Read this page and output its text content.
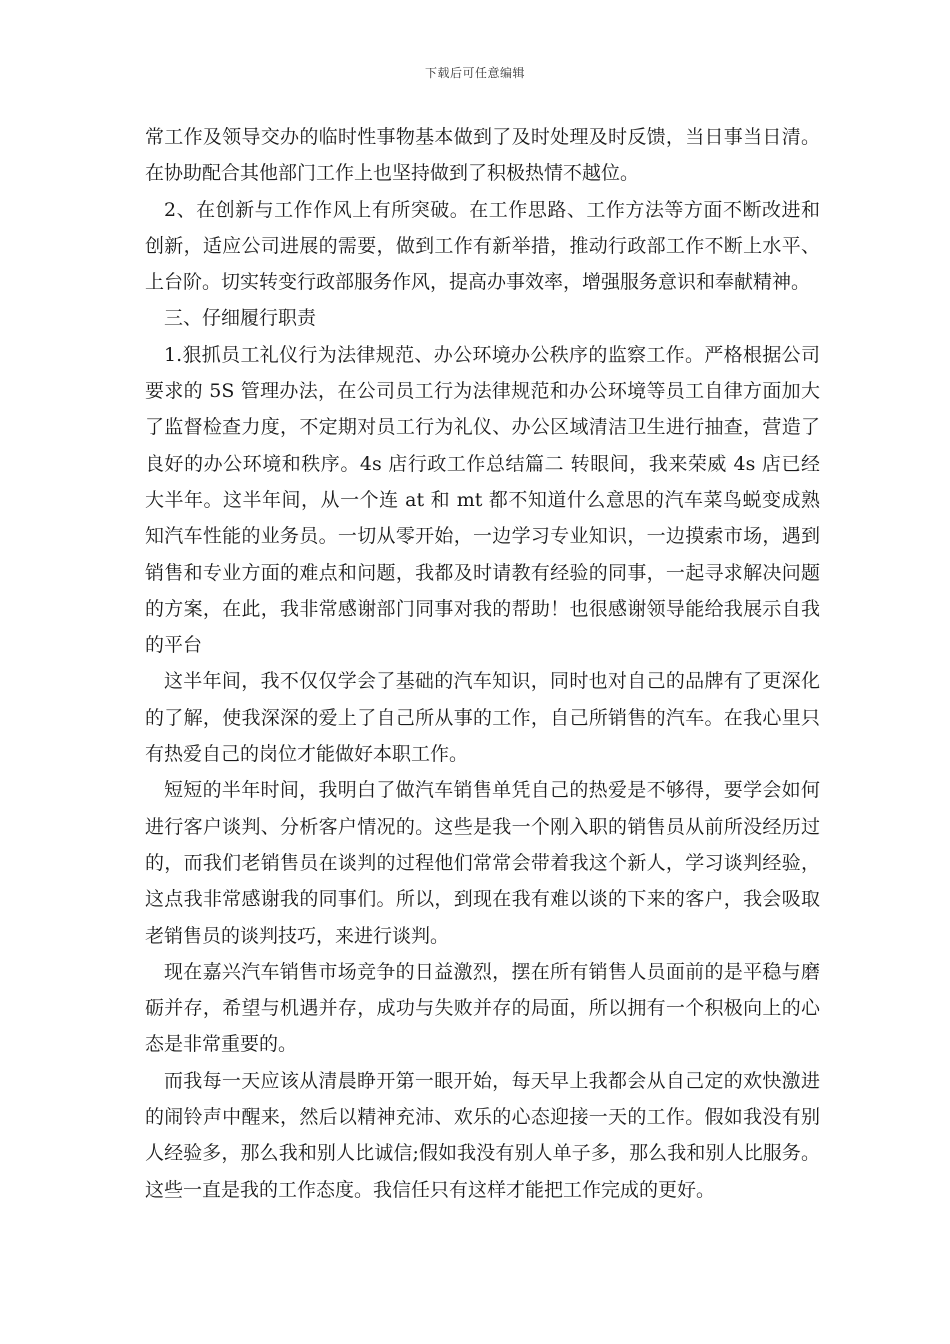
下载后可任意编辑

常工作及领导交办的临时性事物基本做到了及时处理及时反馈，当日事当日清。在协助配合其他部门工作上也坚持做到了积极热情不越位。

2、在创新与工作作风上有所突破。在工作思路、工作方法等方面不断改进和创新，适应公司进展的需要，做到工作有新举措，推动行政部工作不断上水平、上台阶。切实转变行政部服务作风，提高办事效率，增强服务意识和奉献精神。

三、仔细履行职责

1.狠抓员工礼仪行为法律规范、办公环境办公秩序的监察工作。严格根据公司要求的 5S 管理办法，在公司员工行为法律规范和办公环境等员工自律方面加大了监督检查力度，不定期对员工行为礼仪、办公区域清洁卫生进行抽查，营造了良好的办公环境和秩序。4s 店行政工作总结篇二 转眼间，我来荣威 4s 店已经大半年。这半年间，从一个连 at 和 mt 都不知道什么意思的汽车菜鸟蜕变成熟知汽车性能的业务员。一切从零开始，一边学习专业知识，一边摸索市场，遇到销售和专业方面的难点和问题，我都及时请教有经验的同事，一起寻求解决问题的方案，在此，我非常感谢部门同事对我的帮助！也很感谢领导能给我展示自我的平台

这半年间，我不仅仅学会了基础的汽车知识，同时也对自己的品牌有了更深化的了解，使我深深的爱上了自己所从事的工作，自己所销售的汽车。在我心里只有热爱自己的岗位才能做好本职工作。

短短的半年时间，我明白了做汽车销售单凭自己的热爱是不够得，要学会如何进行客户谈判、分析客户情况的。这些是我一个刚入职的销售员从前所没经历过的，而我们老销售员在谈判的过程他们常常会带着我这个新人，学习谈判经验，这点我非常感谢我的同事们。所以，到现在我有难以谈的下来的客户，我会吸取老销售员的谈判技巧，来进行谈判。

现在嘉兴汽车销售市场竞争的日益激烈，摆在所有销售人员面前的是平稳与磨砺并存，希望与机遇并存，成功与失败并存的局面，所以拥有一个积极向上的心态是非常重要的。

而我每一天应该从清晨睁开第一眼开始，每天早上我都会从自己定的欢快激进的闹铃声中醒来，然后以精神充沛、欢乐的心态迎接一天的工作。假如我没有别人经验多，那么我和别人比诚信;假如我没有别人单子多，那么我和别人比服务。这些一直是我的工作态度。我信任只有这样才能把工作完成的更好。
